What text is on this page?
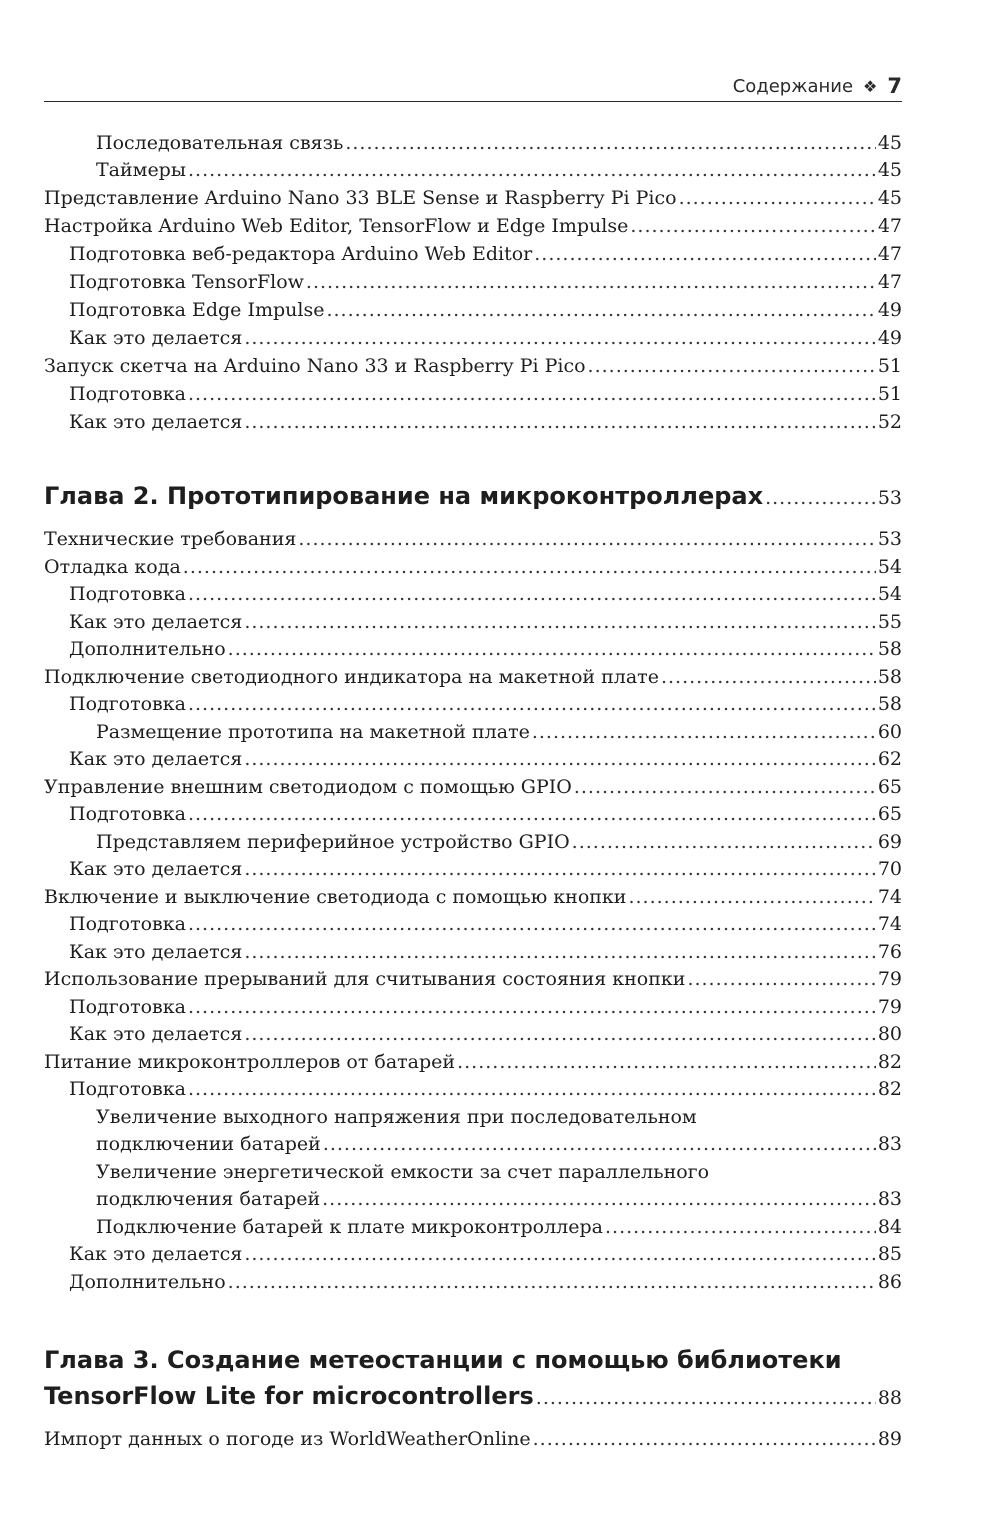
Содержание ❖ 7
Последовательная связь .....	45
Таймеры .....	45
Представление Arduino Nano 33 BLE Sense и Raspberry Pi Pico .....	45
Настройка Arduino Web Editor, TensorFlow и Edge Impulse .....	47
Подготовка веб-редактора Arduino Web Editor .....	47
Подготовка TensorFlow .....	47
Подготовка Edge Impulse .....	49
Как это делается .....	49
Запуск скетча на Arduino Nano 33 и Raspberry Pi Pico .....	51
Подготовка .....	51
Как это делается .....	52
Глава 2. Прототипирование на микроконтроллерах .....	53
Технические требования .....	53
Отладка кода .....	54
Подготовка .....	54
Как это делается .....	55
Дополнительно .....	58
Подключение светодиодного индикатора на макетной плате .....	58
Подготовка .....	58
Размещение прототипа на макетной плате .....	60
Как это делается .....	62
Управление внешним светодиодом с помощью GPIO .....	65
Подготовка .....	65
Представляем периферийное устройство GPIO .....	69
Как это делается .....	70
Включение и выключение светодиода с помощью кнопки .....	74
Подготовка .....	74
Как это делается .....	76
Использование прерываний для считывания состояния кнопки .....	79
Подготовка .....	79
Как это делается .....	80
Питание микроконтроллеров от батарей .....	82
Подготовка .....	82
Увеличение выходного напряжения при последовательном
подключении батарей .....	83
Увеличение энергетической емкости за счет параллельного
подключения батарей .....	83
Подключение батарей к плате микроконтроллера .....	84
Как это делается .....	85
Дополнительно .....	86
Глава 3. Создание метеостанции с помощью библиотеки
TensorFlow Lite for microcontrollers .....	88
Импорт данных о погоде из WorldWeatherOnline .....	89
